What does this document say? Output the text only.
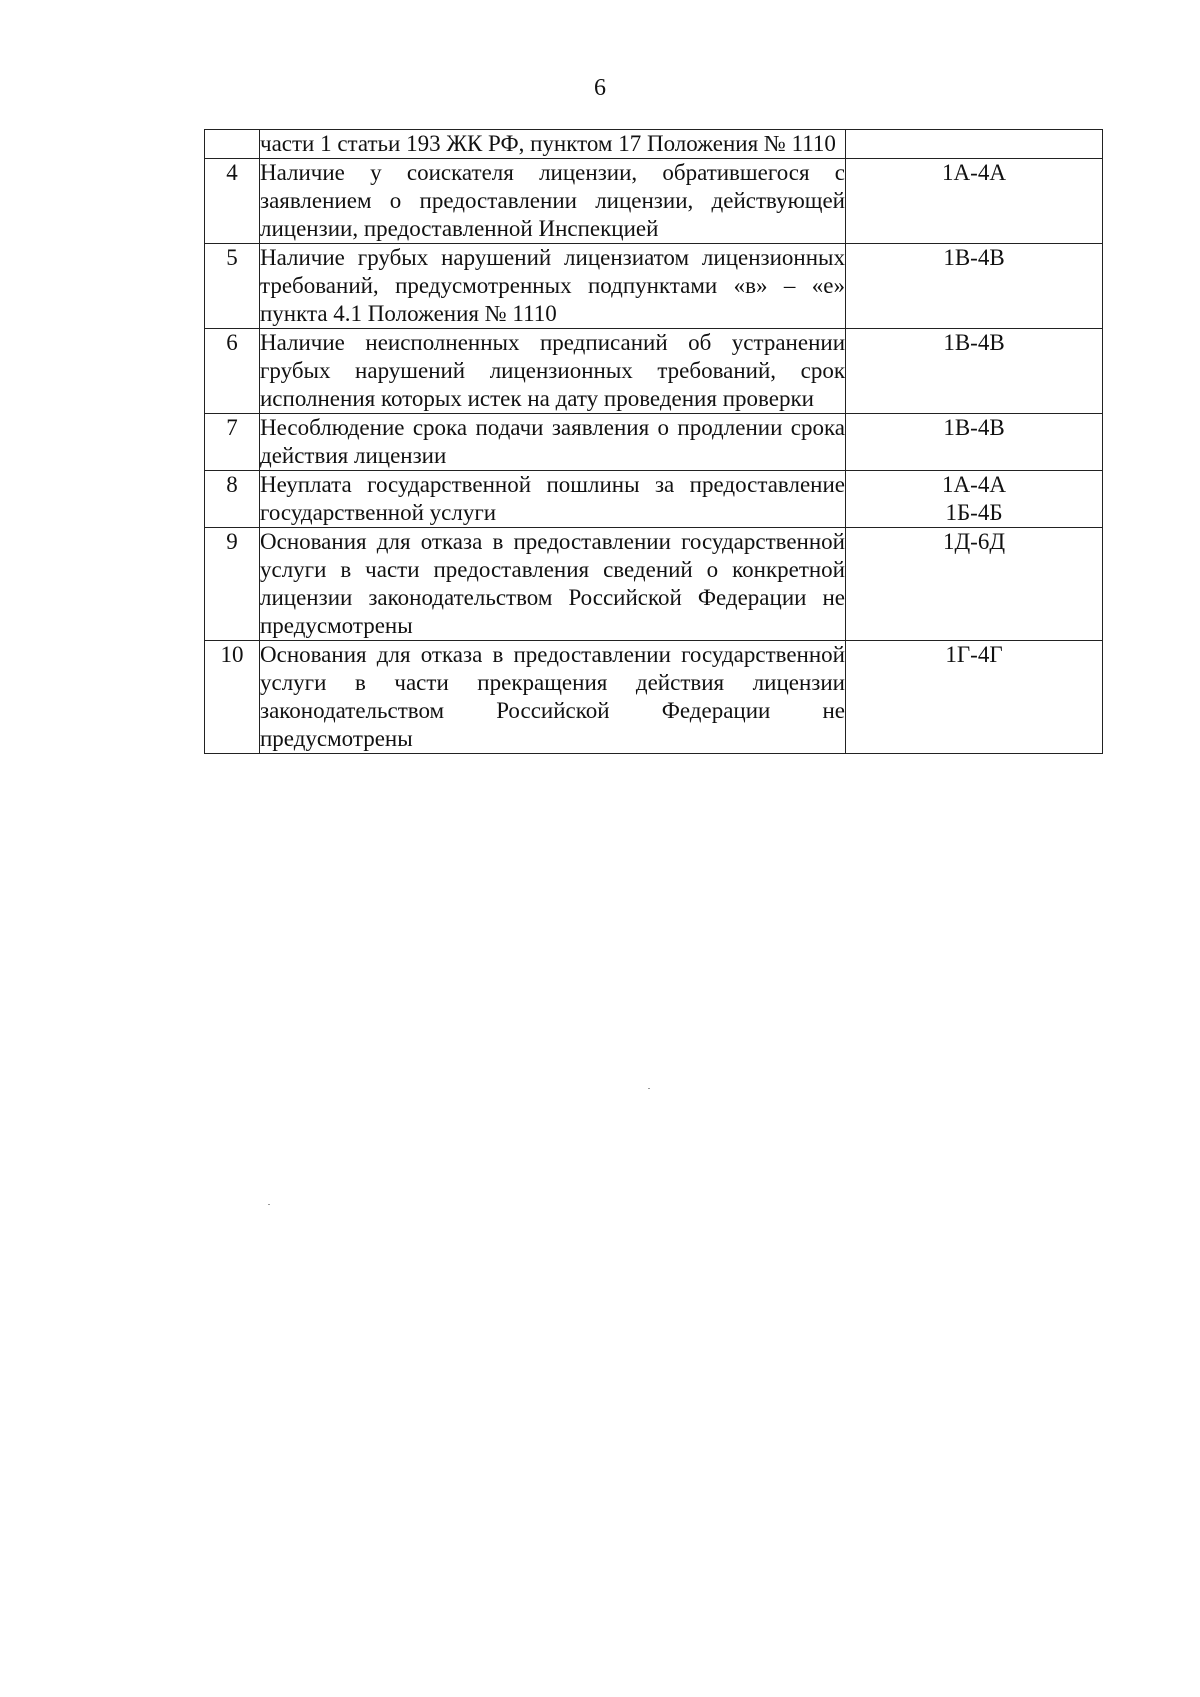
6
	части 1 статьи 193 ЖК РФ, пунктом 17 Положения № 1110	
4	Наличие у соискателя лицензии, обратившегося с заявлением о предоставлении лицензии, действующей лицензии, предоставленной Инспекцией	1А-4А

5	Наличие грубых нарушений лицензиатом лицензионных требований, предусмотренных подпунктами «в» – «е» пункта 4.1 Положения № 1110	1В-4В

6	Наличие неисполненных предписаний об устранении грубых нарушений лицензионных требований, срок исполнения которых истек на дату проведения проверки	1В-4В

7	Несоблюдение срока подачи заявления о продлении срока действия лицензии	1В-4В

8	Неуплата государственной пошлины за предоставление государственной услуги	1А-4А
1Б-4Б

9	Основания для отказа в предоставлении государственной услуги в части предоставления сведений о конкретной лицензии законодательством Российской Федерации не предусмотрены	1Д-6Д

10	Основания для отказа в предоставлении государственной услуги в части прекращения действия лицензии законодательством Российской Федерации не предусмотрены	1Г-4Г
